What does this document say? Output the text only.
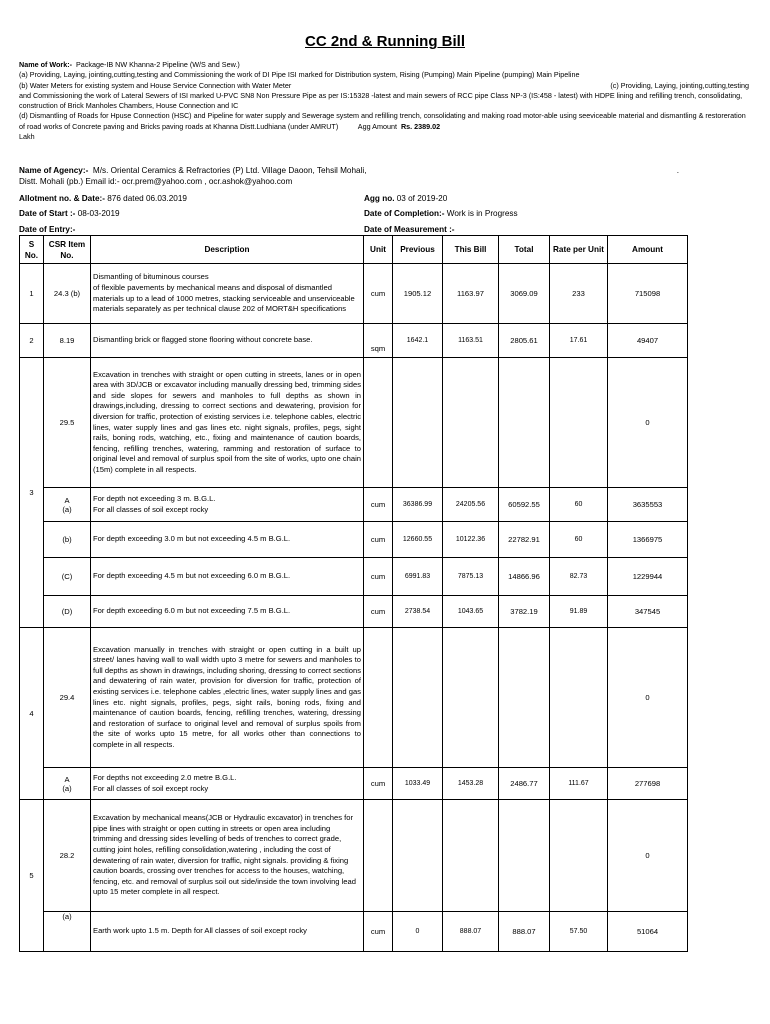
CC 2nd & Running Bill
Name of Work:- Package-IB NW Khanna-2 Pipeline (W/S and Sew.)
(a) Providing, Laying, jointing,cutting,testing and Commissioning the work of DI Pipe ISI marked for Distribution system, Rising (Pumping) Main Pipeline (pumping) Main Pipeline
(b) Water Meters for existing system and House Service Connection with Water Meter	(c) Providing, Laying, jointing,cutting,testing
and Commissioning the work of Lateral Sewers of ISI marked U-PVC SN8 Non Pressure Pipe as per IS:15328 -latest and main sewers of RCC pipe Class NP-3 (IS:458 - latest) with HDPE lining and refilling trench, consolidating, construction of Brick Manholes Chambers, House Connection and IC
(d) Dismantling of Roads for Hpuse Connection (HSC) and Pipeline for water supply and Sewerage system and refilling trench, consolidating and making road motor-able using seeviceable material and dismantling & restoreration of road works of Concrete paving and Bricks paving roads at Khanna Distt.Ludhiana (under AMRUT)	Agg Amount Rs. 2389.02
Lakh
Name of Agency:- M/s. Oriental Ceramics & Refractories (P) Ltd. Village Daoon, Tehsil Mohali,	.
Distt. Mohali (pb.) Email id:- ocr.prem@yahoo.com , ocr.ashok@yahoo.com
Allotment no. & Date:- 876 dated 06.03.2019	Agg no. 03 of 2019-20
Date of Start :- 08-03-2019	Date of Completion:- Work is in Progress
Date of Entry:-	Date of Measurement :-
S
No.	CSR Item
No.	Description	Unit	Previous	This Bill	Total	Rate per Unit	Amount
1	24.3 (b)	Dismantling of bituminous courses
of flexible pavements by mechanical means and disposal of dismantled materials up to a lead of 1000 metres, stacking serviceable and unserviceable materials separately as per technical clause 202 of MORT&H specifications	cum	1905.12	1163.97	3069.09	233	715098
2	8.19	Dismantling brick or flagged stone flooring without concrete base.	sqm	1642.1	1163.51	2805.61	17.61	49407
3	29.5	Excavation in trenches with straight or open cutting in streets, lanes or in open area with 3D/JCB or excavator including manually dressing bed, trimming sides and side slopes for sewers and manholes to full depths as shown in drawings,including, dressing to correct sections and dewatering, provision for diversion for traffic, protection of existing services i.e. telephone cables, electric lines, water supply lines and gas lines etc. night signals, profiles, pegs, sight rails, boning rods, watching, etc., fixing and maintenance of caution boards, fencing, refilling trenches, watering, ramming and restoration of surface to original level and removal of surplus spoil from the site of works, upto one chain (15m) complete in all respects.						0
	A
(a)	For depth not exceeding 3 m. B.G.L.
For all classes of soil except rocky	cum	36386.99	24205.56	60592.55	60	3635553
	(b)	For depth exceeding 3.0 m but not exceeding 4.5 m B.G.L.	cum	12660.55	10122.36	22782.91	60	1366975
	(C)	For depth exceeding 4.5 m but not exceeding 6.0 m B.G.L.	cum	6991.83	7875.13	14866.96	82.73	1229944
	(D)	For depth exceeding 6.0 m but not exceeding 7.5 m B.G.L.	cum	2738.54	1043.65	3782.19	91.89	347545
4	29.4	Excavation manually in trenches with straight or open cutting in a built up street/ lanes having wall to wall width upto 3 metre for sewers and manholes to full depths as shown in drawings, including shoring, dressing to correct sections and dewatering of rain water, provision for diversion for traffic, protection of existing services i.e. telephone cables ,electric lines, water supply lines and gas lines etc. night signals, profiles, pegs, sight rails, boning rods, fixing and maintenance of caution boards, fencing, refilling trenches, watering, dressing and restoration of surface to original level and removal of surplus spoils from the site of works upto 15 metre, for all works other than connections to complete in all respects.						0
	A
(a)	For depths not exceeding 2.0 metre B.G.L.
For all classes of soil except rocky	cum	1033.49	1453.28	2486.77	111.67	277698
5	28.2	Excavation by mechanical means(JCB or Hydraulic excavator) in trenches for pipe lines with straight or open cutting in streets or open area including trimming and dressing sides levelling of beds of trenches to correct grade, cutting joint holes, refilling consolidation,watering , including the cost of dewatering of rain water, diversion for traffic, night signals. providing & fixing caution boards, crossing over trenches for access to the houses, watching, fencing, etc. and removal of surplus soil out side/inside the town involving lead upto 15 meter complete in all respect.						0
	(a)	Earth work upto 1.5 m. Depth for All classes of soil except rocky	cum	0	888.07	888.07	57.50	51064
